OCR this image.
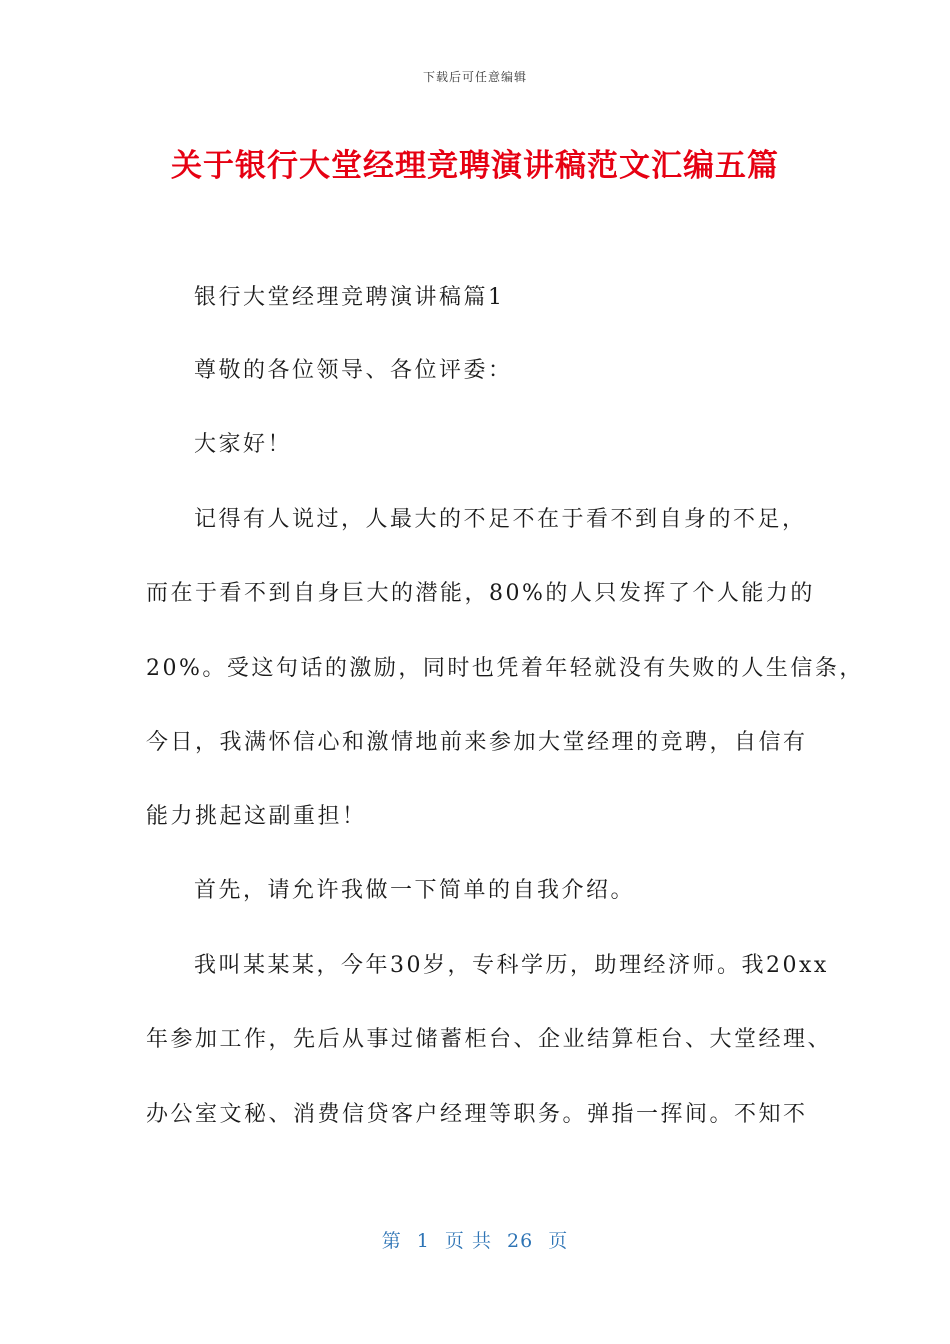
下载后可任意编辑
关于银行大堂经理竞聘演讲稿范文汇编五篇
银行大堂经理竞聘演讲稿篇1
尊敬的各位领导、各位评委：
大家好！
记得有人说过，人最大的不足不在于看不到自身的不足，
而在于看不到自身巨大的潜能，80%的人只发挥了个人能力的
20%。受这句话的激励，同时也凭着年轻就没有失败的人生信条，
今日，我满怀信心和激情地前来参加大堂经理的竞聘，自信有
能力挑起这副重担！
首先，请允许我做一下简单的自我介绍。
我叫某某某，今年30岁，专科学历，助理经济师。我20xx
年参加工作，先后从事过储蓄柜台、企业结算柜台、大堂经理、
办公室文秘、消费信贷客户经理等职务。弹指一挥间。不知不
第 1 页 共 26 页
